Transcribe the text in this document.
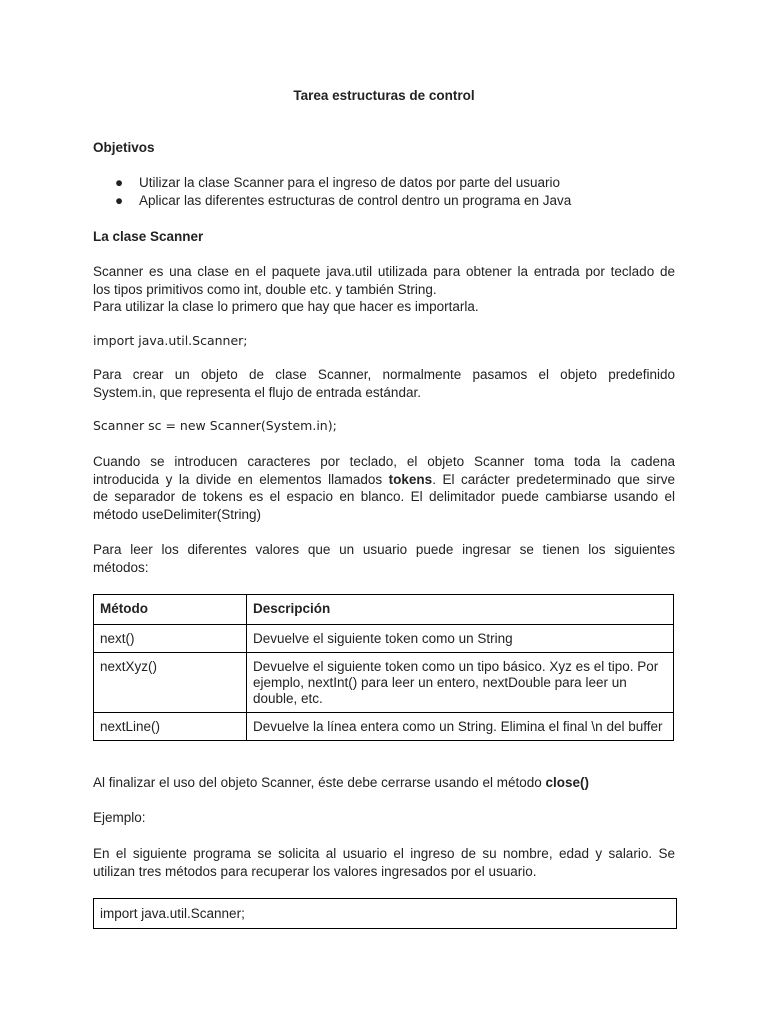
Tarea estructuras de control
Objetivos
● Utilizar la clase Scanner para el ingreso de datos por parte del usuario
● Aplicar las diferentes estructuras de control dentro un programa en Java
La clase Scanner
Scanner es una clase en el paquete java.util utilizada para obtener la entrada por teclado de
los tipos primitivos como int, double etc. y también String.
Para utilizar la clase lo primero que hay que hacer es importarla.
import java.util.Scanner;
Para crear un objeto de clase Scanner, normalmente pasamos el objeto predefinido
System.in, que representa el flujo de entrada estándar.
Scanner sc = new Scanner(System.in);
Cuando se introducen caracteres por teclado, el objeto Scanner toma toda la cadena
introducida y la divide en elementos llamados tokens. El carácter predeterminado que sirve
de separador de tokens es el espacio en blanco. El delimitador puede cambiarse usando el
método useDelimiter(String)
Para leer los diferentes valores que un usuario puede ingresar se tienen los siguientes
métodos:
Método	Descripción
next()	Devuelve el siguiente token como un String
nextXyz()	Devuelve el siguiente token como un tipo básico. Xyz es el tipo. Por ejemplo, nextInt() para leer un entero, nextDouble para leer un double, etc.
nextLine()	Devuelve la línea entera como un String. Elimina el final \n del buffer
Al finalizar el uso del objeto Scanner, éste debe cerrarse usando el método close()
Ejemplo:
En el siguiente programa se solicita al usuario el ingreso de su nombre, edad y salario. Se
utilizan tres métodos para recuperar los valores ingresados por el usuario.
import java.util.Scanner;
